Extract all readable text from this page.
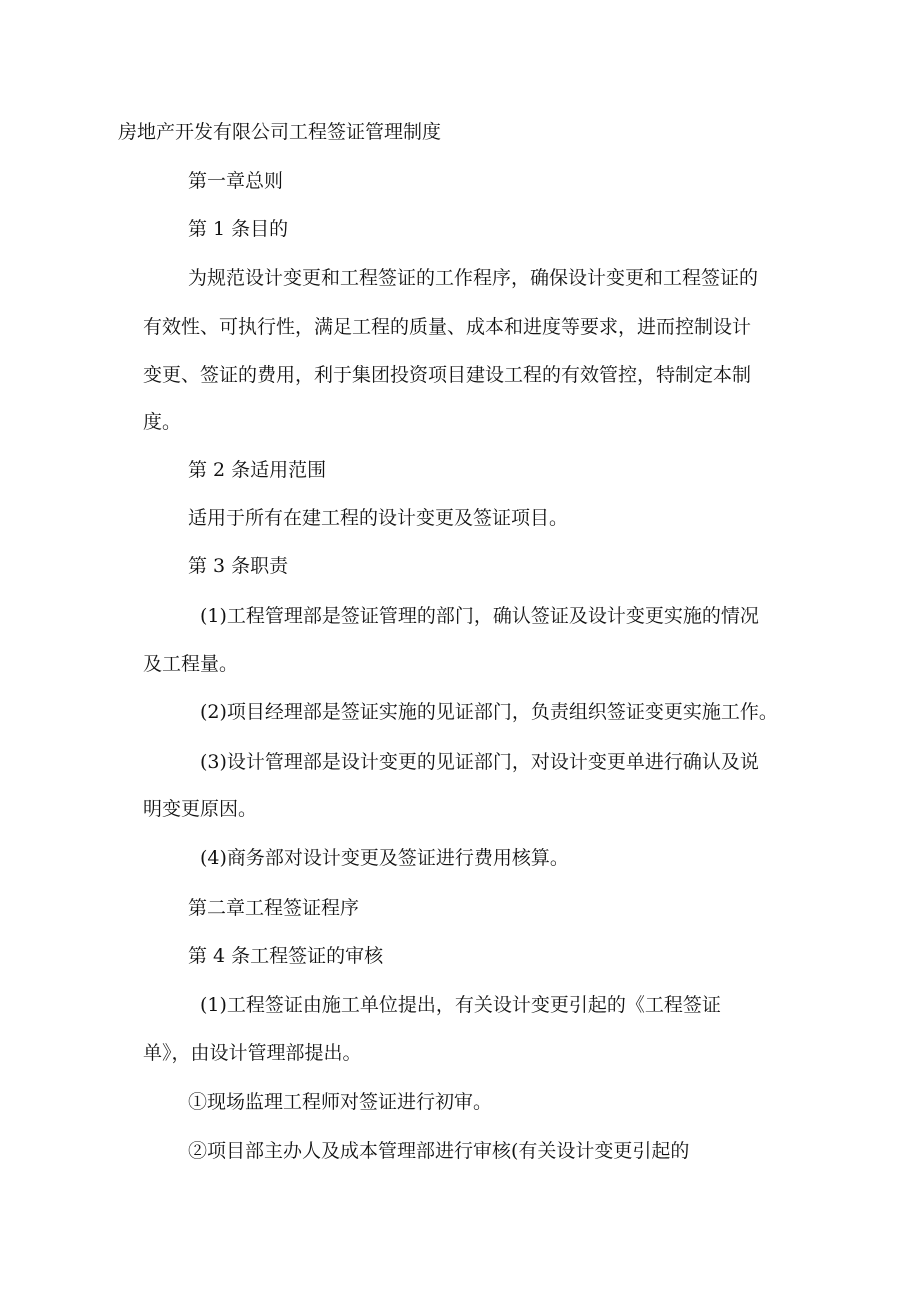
房地产开发有限公司工程签证管理制度
第一章总则
第 1 条目的
为规范设计变更和工程签证的工作程序，确保设计变更和工程签证的
有效性、可执行性，满足工程的质量、成本和进度等要求，进而控制设计
变更、签证的费用，利于集团投资项目建设工程的有效管控，特制定本制
度。
第 2 条适用范围
适用于所有在建工程的设计变更及签证项目。
第 3 条职责
(1)工程管理部是签证管理的部门，确认签证及设计变更实施的情况
及工程量。
(2)项目经理部是签证实施的见证部门，负责组织签证变更实施工作。
(3)设计管理部是设计变更的见证部门，对设计变更单进行确认及说
明变更原因。
(4)商务部对设计变更及签证进行费用核算。
第二章工程签证程序
第 4 条工程签证的审核
(1)工程签证由施工单位提出，有关设计变更引起的《工程签证
单》，由设计管理部提出。
①现场监理工程师对签证进行初审。
②项目部主办人及成本管理部进行审核(有关设计变更引起的
